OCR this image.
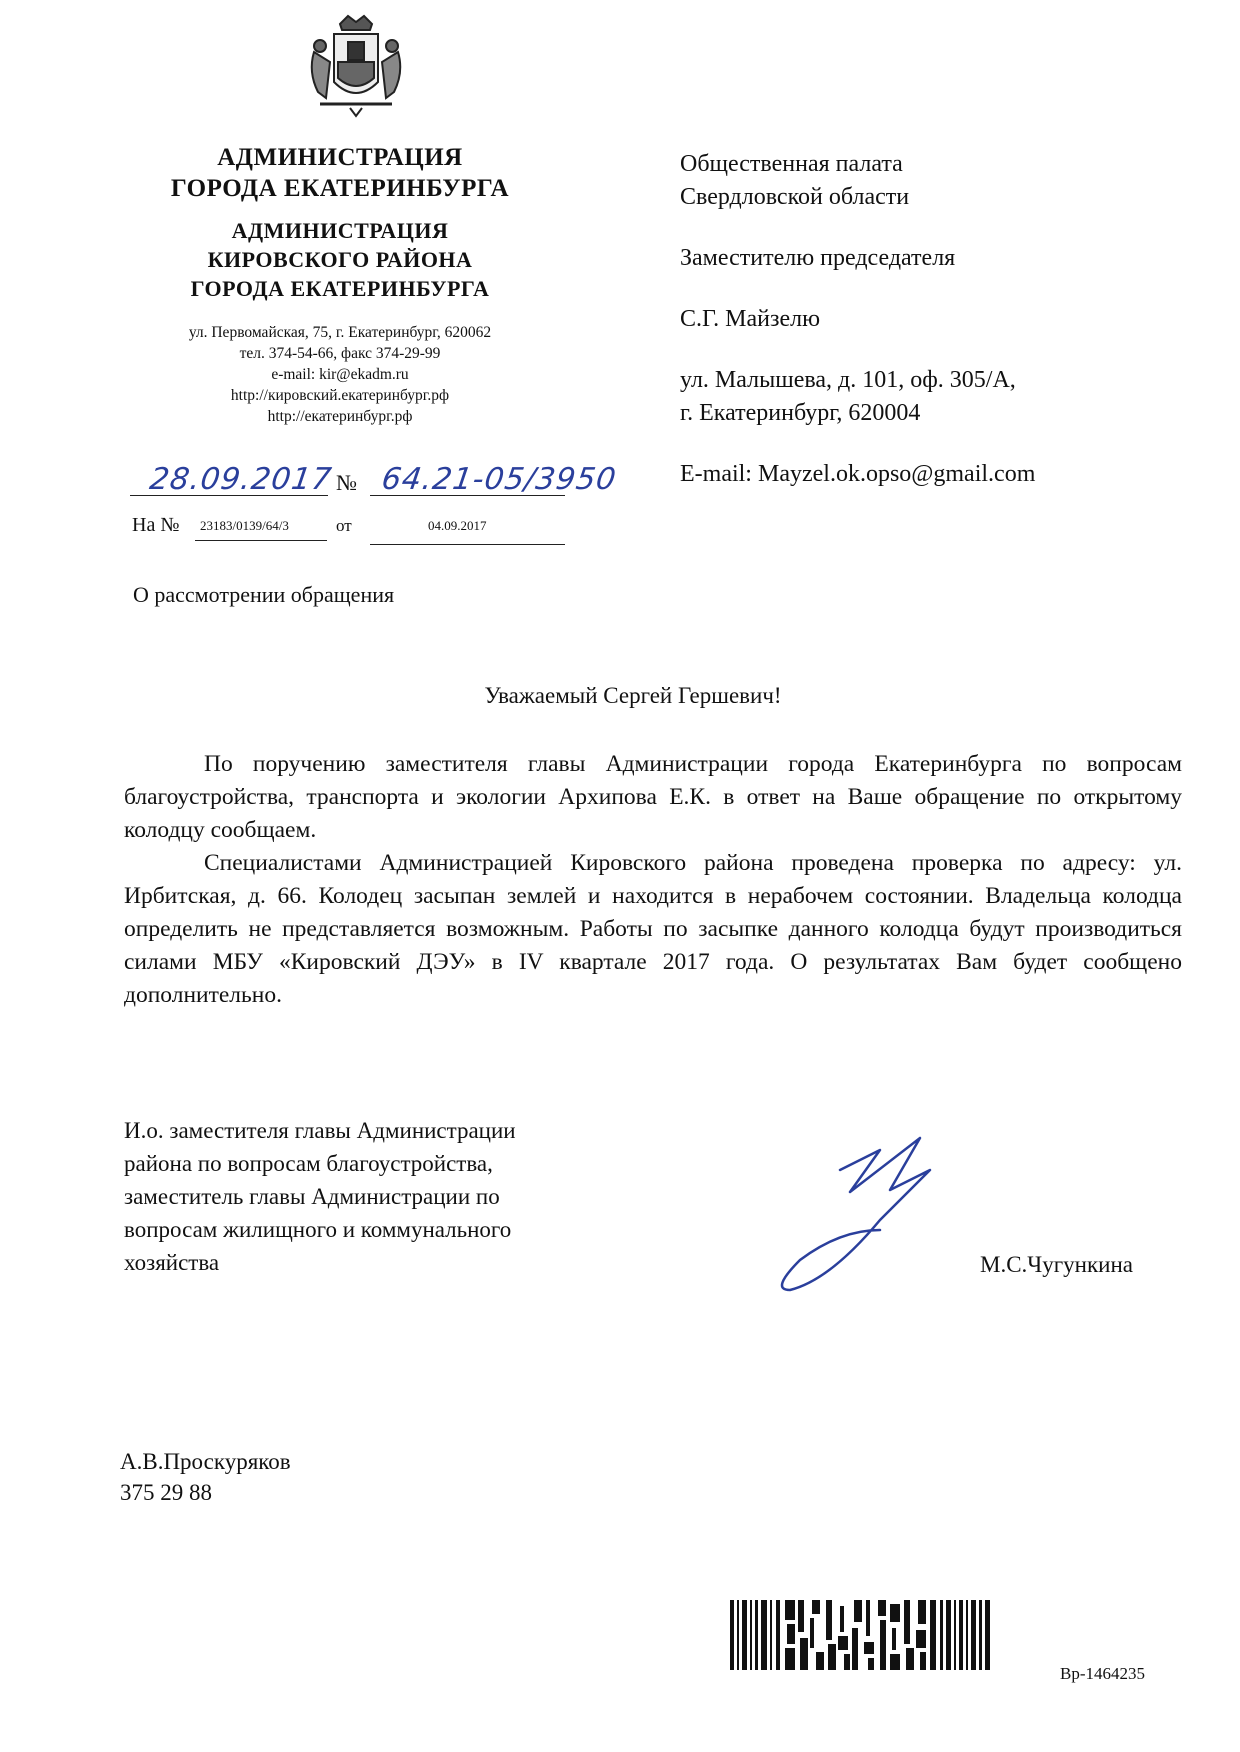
АДМИНИСТРАЦИЯ
ГОРОДА ЕКАТЕРИНБУРГА
АДМИНИСТРАЦИЯ
КИРОВСКОГО РАЙОНА
ГОРОДА ЕКАТЕРИНБУРГА
ул. Первомайская, 75, г. Екатеринбург, 620062
тел. 374-54-66, факс 374-29-99
e-mail: kir@ekadm.ru
http://кировский.екатеринбург.рф
http://екатеринбург.рф
28.09.2017 № 64.21-05/3950
На № 23183/0139/64/3	от	04.09.2017
Общественная палата
Свердловской области
Заместителю председателя
С.Г. Майзелю
ул. Малышева, д. 101, оф. 305/А,
г. Екатеринбург, 620004
E-mail: Mayzel.ok.opso@gmail.com
О рассмотрении обращения
Уважаемый Сергей Гершевич!

По поручению заместителя главы Администрации города Екатеринбурга по вопросам благоустройства, транспорта и экологии Архипова Е.К. в ответ на Ваше обращение по открытому колодцу сообщаем.

Специалистами Администрацией Кировского района проведена проверка по адресу: ул. Ирбитская, д. 66. Колодец засыпан землей и находится в нерабочем состоянии. Владельца колодца определить не представляется возможным. Работы по засыпке данного колодца будут производиться силами МБУ «Кировский ДЭУ» в IV квартале 2017 года. О результатах Вам будет сообщено дополнительно.

И.о. заместителя главы Администрации
района по вопросам благоустройства,
заместитель главы Администрации по
вопросам жилищного и коммунального
хозяйства	М.С.Чугункина
А.В.Проскуряков
375 29 88
Вр-1464235
